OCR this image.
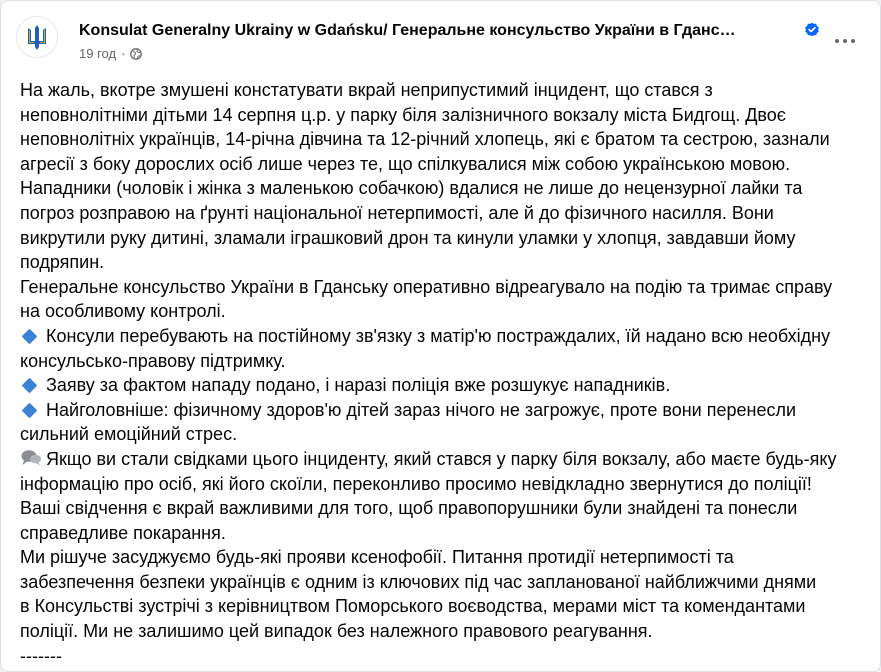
Konsulat Generalny Ukrainy w Gdańsku/ Генеральне консульство України в Гданс…
19 год ·
На жаль, вкотре змушені констатувати вкрай неприпустимий інцидент, що стався з
неповнолітніми дітьми 14 серпня ц.р. у парку біля залізничного вокзалу міста Бидгощ. Двоє
неповнолітніх українців, 14-річна дівчина та 12-річний хлопець, які є братом та сестрою, зазнали
агресії з боку дорослих осіб лише через те, що спілкувалися між собою українською мовою.
Нападники (чоловік і жінка з маленькою собачкою) вдалися не лише до нецензурної лайки та
погроз розправою на ґрунті національної нетерпимості, але й до фізичного насилля. Вони
викрутили руку дитині, зламали іграшковий дрон та кинули уламки у хлопця, завдавши йому
подряпин.
Генеральне консульство України в Гданську оперативно відреагувало на подію та тримає справу
на особливому контролі.
Консули перебувають на постійному зв'язку з матір'ю постраждалих, їй надано всю необхідну
консульсько-правову підтримку.
Заяву за фактом нападу подано, і наразі поліція вже розшукує нападників.
Найголовніше: фізичному здоров'ю дітей зараз нічого не загрожує, проте вони перенесли
сильний емоційний стрес.
Якщо ви стали свідками цього інциденту, який стався у парку біля вокзалу, або маєте будь-яку
інформацію про осіб, які його скоїли, переконливо просимо невідкладно звернутися до поліції!
Ваші свідчення є вкрай важливими для того, щоб правопорушники були знайдені та понесли
справедливе покарання.
Ми рішуче засуджуємо будь-які прояви ксенофобії. Питання протидії нетерпимості та
забезпечення безпеки українців є одним із ключових під час запланованої найближчими днями
в Консульстві зустрічі з керівництвом Поморського воєводства, мерами міст та комендантами
поліції. Ми не залишимо цей випадок без належного правового реагування.
-------
